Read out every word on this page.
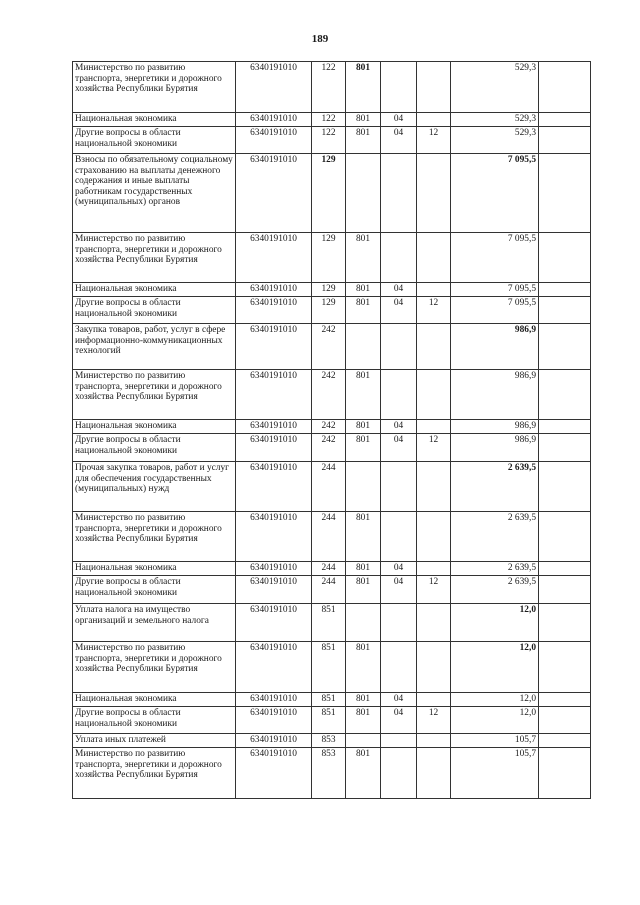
189
Министерство по развитию транспорта, энергетики и дорожного хозяйства Республики Бурятия	6340191010	122	801			529,3	
Национальная экономика	6340191010	122	801	04		529,3	
Другие вопросы в области национальной экономики	6340191010	122	801	04	12	529,3	
Взносы по обязательному социальному страхованию на выплаты денежного содержания и иные выплаты работникам государственных (муниципальных) органов	6340191010	129				7 095,5	
Министерство по развитию транспорта, энергетики и дорожного хозяйства Республики Бурятия	6340191010	129	801			7 095,5	
Национальная экономика	6340191010	129	801	04		7 095,5	
Другие вопросы в области национальной экономики	6340191010	129	801	04	12	7 095,5	
Закупка товаров, работ, услуг в сфере информационно-коммуникационных технологий	6340191010	242				986,9	
Министерство по развитию транспорта, энергетики и дорожного хозяйства Республики Бурятия	6340191010	242	801			986,9	
Национальная экономика	6340191010	242	801	04		986,9	
Другие вопросы в области национальной экономики	6340191010	242	801	04	12	986,9	
Прочая закупка товаров, работ и услуг для обеспечения государственных (муниципальных) нужд	6340191010	244				2 639,5	
Министерство по развитию транспорта, энергетики и дорожного хозяйства Республики Бурятия	6340191010	244	801			2 639,5	
Национальная экономика	6340191010	244	801	04		2 639,5	
Другие вопросы в области национальной экономики	6340191010	244	801	04	12	2 639,5	
Уплата налога на имущество организаций и земельного налога	6340191010	851				12,0	
Министерство по развитию транспорта, энергетики и дорожного хозяйства Республики Бурятия	6340191010	851	801			12,0	
Национальная экономика	6340191010	851	801	04		12,0	
Другие вопросы в области национальной экономики	6340191010	851	801	04	12	12,0	
Уплата иных платежей	6340191010	853				105,7	
Министерство по развитию транспорта, энергетики и дорожного хозяйства Республики Бурятия	6340191010	853	801			105,7	
